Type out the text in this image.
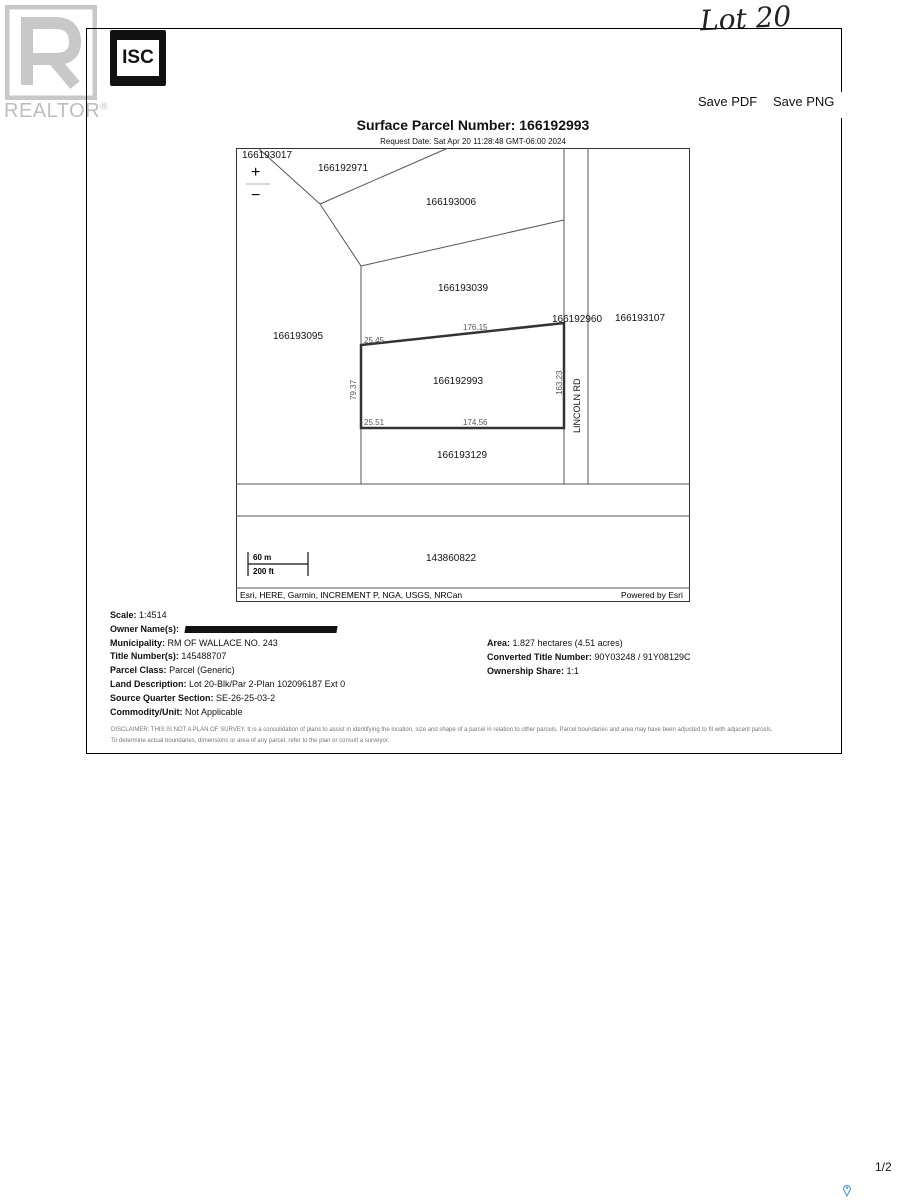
REALTOR®
Lot 20
ISC
Save PDF	Save PNG
Surface Parcel Number: 166192993
Request Date: Sat Apr 20 11:28:48 GMT-06:00 2024
+
−
166193017
166192971
166193006
166193039
166193095
166192960 166193107
166192993
166193129
143860822
176.15
25.45
79.37	163.23
174.56
25.51	LINCOLN RD
60 m
200 ft
Esri, HERE, Garmin, INCREMENT P, NGA, USGS, NRCan	Powered by Esri
Scale: 1:4514
Owner Name(s):
Municipality: RM OF WALLACE NO. 243
Title Number(s): 145488707
Parcel Class: Parcel (Generic)
Land Description: Lot 20-Blk/Par 2-Plan 102096187 Ext 0
Source Quarter Section: SE-26-25-03-2
Commodity/Unit: Not Applicable
Area: 1.827 hectares (4.51 acres)
Converted Title Number: 90Y03248 / 91Y08129C
Ownership Share: 1:1
DISCLAIMER: THIS IS NOT A PLAN OF SURVEY. It is a consolidation of plans to assist in identifying the location, size and shape of a parcel in relation to other parcels. Parcel boundaries and area may have been adjusted to fit with adjacent parcels.
To determine actual boundaries, dimensions or area of any parcel, refer to the plan or consult a surveyor.
1/2
